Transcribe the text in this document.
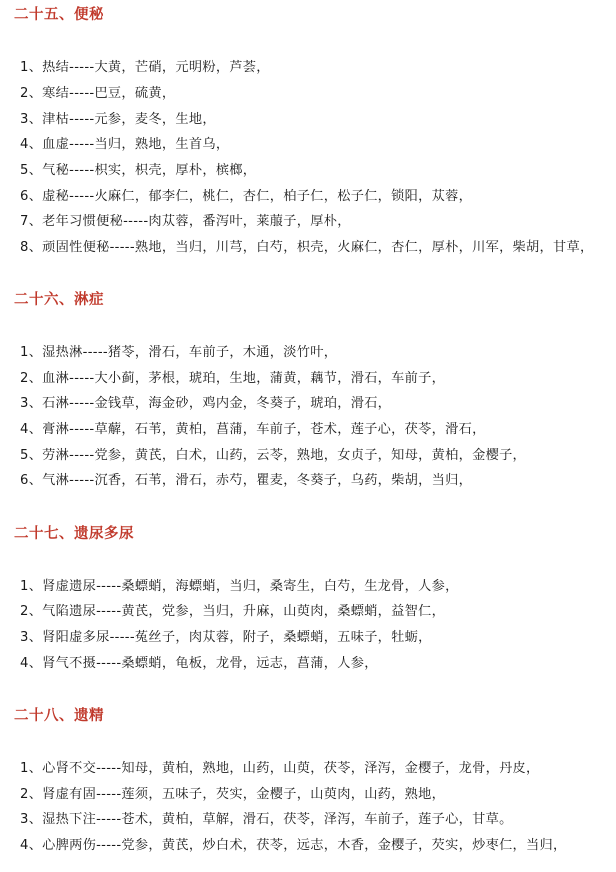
二十五、便秘
1、热结-----大黄，芒硝，元明粉，芦荟，
2、寒结-----巴豆，硫黄，
3、津枯-----元参，麦冬，生地，
4、血虚-----当归，熟地，生首乌，
5、气秘-----枳实，枳壳，厚朴，槟榔，
6、虚秘-----火麻仁，郁李仁，桃仁，杏仁，柏子仁，松子仁，锁阳，苁蓉，
7、老年习惯便秘-----肉苁蓉，番泻叶，莱菔子，厚朴，
8、顽固性便秘-----熟地，当归，川芎，白芍，枳壳，火麻仁，杏仁，厚朴，川军，柴胡，甘草，
二十六、淋症
1、湿热淋-----猪苓，滑石，车前子，木通，淡竹叶，
2、血淋-----大小蓟，茅根，琥珀，生地，蒲黄，藕节，滑石，车前子，
3、石淋-----金钱草，海金砂，鸡内金，冬葵子，琥珀，滑石，
4、膏淋-----草薢，石苇，黄柏，菖蒲，车前子，苍术，莲子心，茯苓，滑石，
5、劳淋-----党参，黄芪，白术，山药，云苓，熟地，女贞子，知母，黄柏，金樱子，
6、气淋-----沉香，石苇，滑石，赤芍，瞿麦，冬葵子，乌药，柴胡，当归，
二十七、遗尿多尿
1、肾虚遗尿-----桑螵蛸，海螵蛸，当归，桑寄生，白芍，生龙骨，人参，
2、气陷遗尿-----黄芪，党参，当归，升麻，山萸肉，桑螵蛸，益智仁，
3、肾阳虚多尿-----菟丝子，肉苁蓉，附子，桑螵蛸，五味子，牡蛎，
4、肾气不摄-----桑螵蛸，龟板，龙骨，远志，菖蒲，人参，
二十八、遗精
1、心肾不交-----知母，黄柏，熟地，山药，山萸，茯苓，泽泻，金樱子，龙骨，丹皮，
2、肾虚有固-----莲须，五味子，芡实，金樱子，山萸肉，山药，熟地，
3、湿热下注-----苍术，黄柏，草解，滑石，茯苓，泽泻，车前子，莲子心，甘草。
4、心脾两伤-----党参，黄芪，炒白术，茯苓，远志，木香，金樱子，芡实，炒枣仁，当归，
